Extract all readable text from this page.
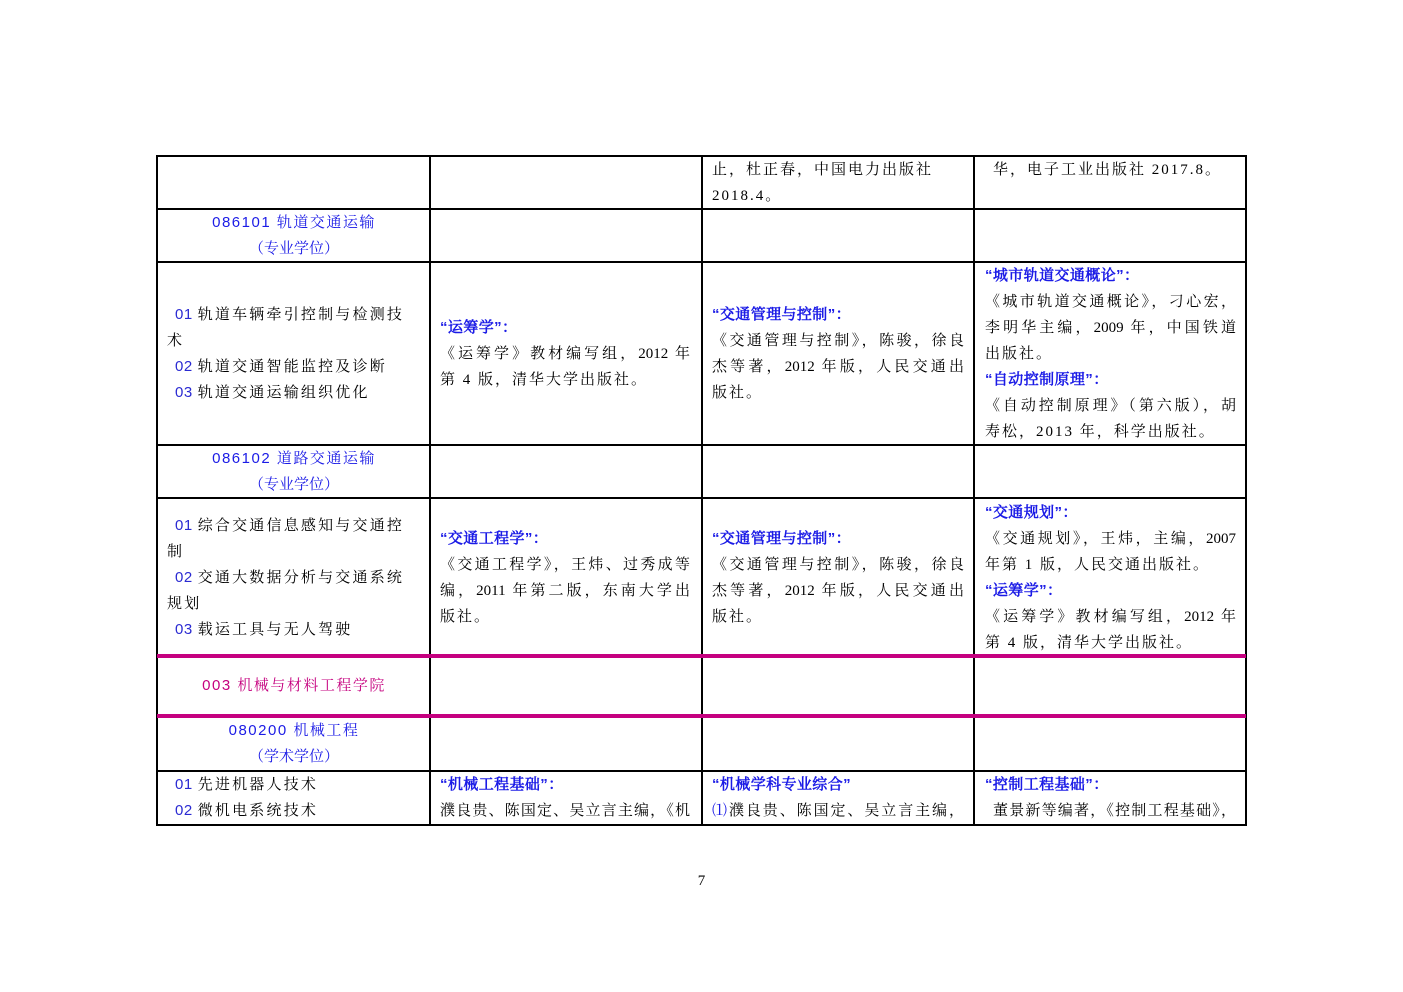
止，杜正春，中国电力出版社
2018.4。
华，电子工业出版社 2017.8。
086101 轨道交通运输
（专业学位）
01 轨道车辆牵引控制与检测技
术
02 轨道交通智能监控及诊断
03 轨道交通运输组织优化
“运筹学”：
《运筹学》教材编写组，2012 年
第 4 版，清华大学出版社。
“交通管理与控制”：
《交通管理与控制》，陈骏，徐良
杰等著，2012 年版，人民交通出
版社。
“城市轨道交通概论”：
《城市轨道交通概论》，刁心宏，
李明华主编，2009 年，中国铁道
出版社。
“自动控制原理”：
《自动控制原理》（第六版），胡
寿松，2013 年，科学出版社。
086102 道路交通运输
（专业学位）
01 综合交通信息感知与交通控
制
02 交通大数据分析与交通系统
规划
03 载运工具与无人驾驶
“交通工程学”：
《交通工程学》，王炜、过秀成等
编，2011 年第二版，东南大学出
版社。
“交通管理与控制”：
《交通管理与控制》，陈骏，徐良
杰等著，2012 年版，人民交通出
版社。
“交通规划”：
《交通规划》，王炜，主编，2007
年第 1 版，人民交通出版社。
“运筹学”：
《运筹学》教材编写组，2012 年
第 4 版，清华大学出版社。
003 机械与材料工程学院
080200 机械工程
（学术学位）
01 先进机器人技术
02 微机电系统技术
“机械工程基础”：
濮良贵、陈国定、吴立言主编，《机
“机械学科专业综合”
⑴濮良贵、陈国定、吴立言主编，
“控制工程基础”：
董景新等编著，《控制工程基础》，
7
